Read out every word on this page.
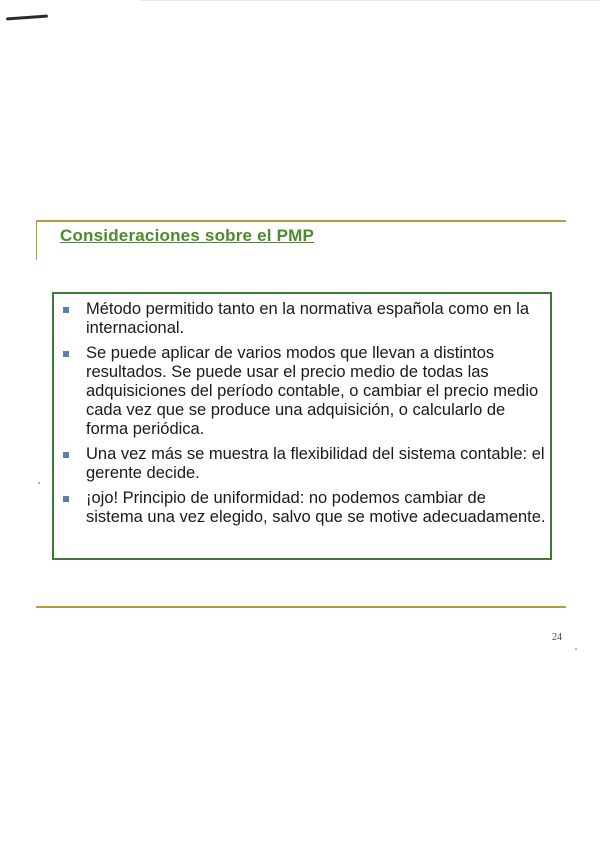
Consideraciones sobre el PMP
Método permitido tanto en la normativa española como en la internacional.
Se puede aplicar de varios modos que llevan a distintos resultados. Se puede usar el precio medio de todas las adquisiciones del período contable, o cambiar el precio medio cada vez que se produce una adquisición, o calcularlo de forma periódica.
Una vez más se muestra la flexibilidad del sistema contable: el gerente decide.
¡ojo! Principio de uniformidad: no podemos cambiar de sistema una vez elegido, salvo que se motive adecuadamente.
24
